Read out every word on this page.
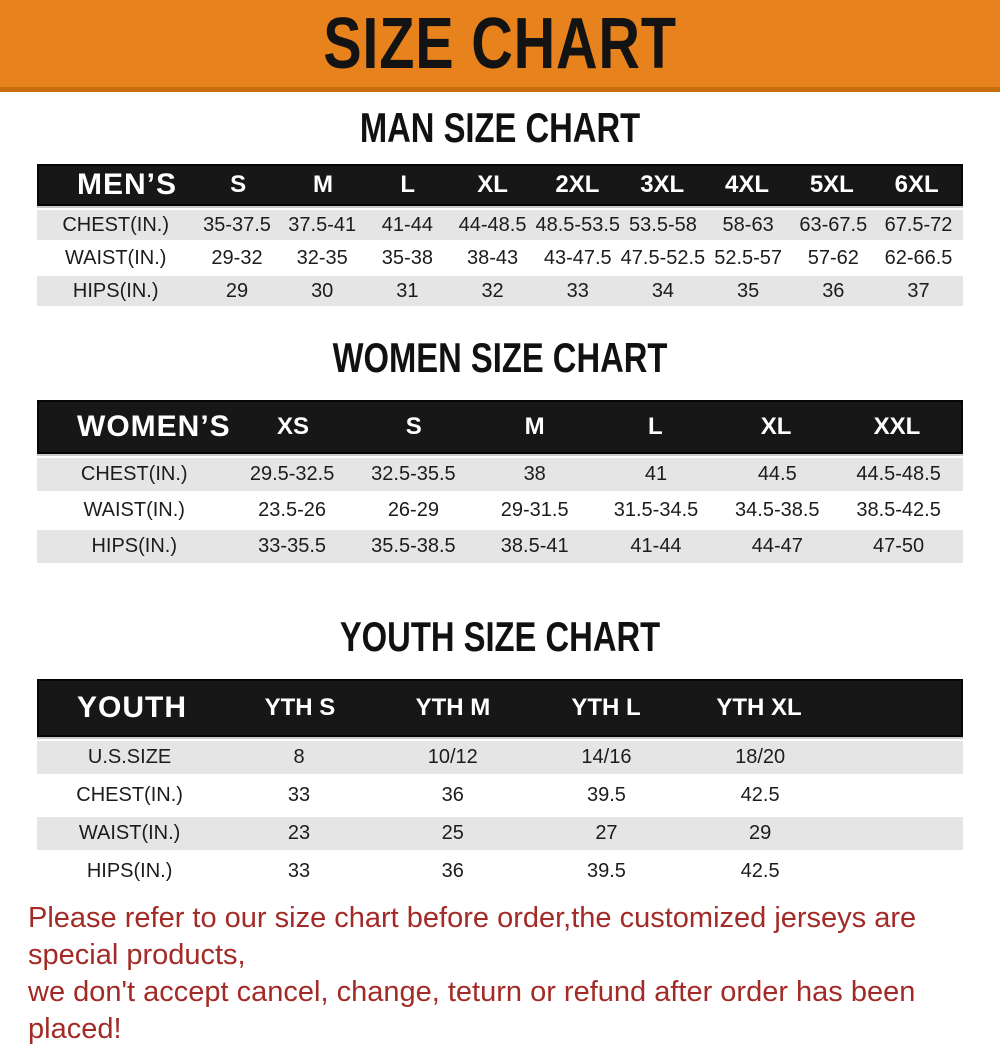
SIZE CHART
MAN SIZE CHART
MEN’S	S	M	L	XL	2XL	3XL	4XL	5XL	6XL
CHEST(IN.)	35-37.5 37.5-41	41-44	44-48.5 48.5-53.5 53.5-58	58-63	63-67.5 67.5-72
WAIST(IN.)	29-32	32-35	35-38	38-43	43-47.5 47.5-52.5 52.5-57	57-62	62-66.5
HIPS(IN.)	29	30	31	32	33	34	35	36	37
WOMEN SIZE CHART
WOMEN’S	XS	S	M	L	XL	XXL
CHEST(IN.)	29.5-32.5	32.5-35.5	38	41	44.5	44.5-48.5
WAIST(IN.)	23.5-26	26-29	29-31.5	31.5-34.5	34.5-38.5	38.5-42.5
HIPS(IN.)	33-35.5	35.5-38.5	38.5-41	41-44	44-47	47-50
YOUTH SIZE CHART
YOUTH	YTH S	YTH M	YTH L	YTH XL
U.S.SIZE	8	10/12	14/16	18/20
CHEST(IN.)	33	36	39.5	42.5
WAIST(IN.)	23	25	27	29
HIPS(IN.)	33	36	39.5	42.5
Please refer to our size chart before order,the customized jerseys are special products,
we don't accept cancel, change, teturn or refund after order has been placed!
